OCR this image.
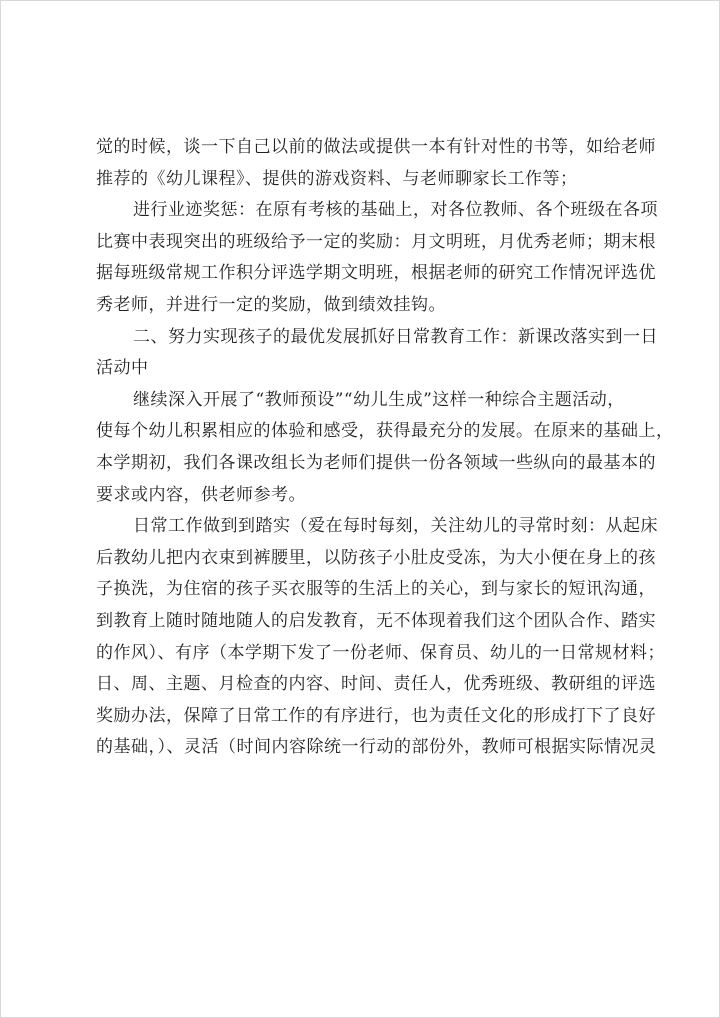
觉的时候，谈一下自己以前的做法或提供一本有针对性的书等，如给老师
推荐的《幼儿课程》、提供的游戏资料、与老师聊家长工作等；
进行业迹奖惩：在原有考核的基础上，对各位教师、各个班级在各项
比赛中表现突出的班级给予一定的奖励：月文明班，月优秀老师；期末根
据每班级常规工作积分评选学期文明班，根据老师的研究工作情况评选优
秀老师，并进行一定的奖励，做到绩效挂钩。
二、努力实现孩子的最优发展抓好日常教育工作：新课改落实到一日
活动中
继续深入开展了“教师预设”“幼儿生成”这样一种综合主题活动，
使每个幼儿积累相应的体验和感受，获得最充分的发展。在原来的基础上，
本学期初，我们各课改组长为老师们提供一份各领域一些纵向的最基本的
要求或内容，供老师参考。
日常工作做到到踏实（爱在每时每刻，关注幼儿的寻常时刻：从起床
后教幼儿把内衣束到裤腰里，以防孩子小肚皮受冻，为大小便在身上的孩
子换洗，为住宿的孩子买衣服等的生活上的关心，到与家长的短讯沟通，
到教育上随时随地随人的启发教育，无不体现着我们这个团队合作、踏实
的作风）、有序（本学期下发了一份老师、保育员、幼儿的一日常规材料；
日、周、主题、月检查的内容、时间、责任人，优秀班级、教研组的评选
奖励办法，保障了日常工作的有序进行，也为责任文化的形成打下了良好
的基础，）、灵活（时间内容除统一行动的部份外，教师可根据实际情况灵
